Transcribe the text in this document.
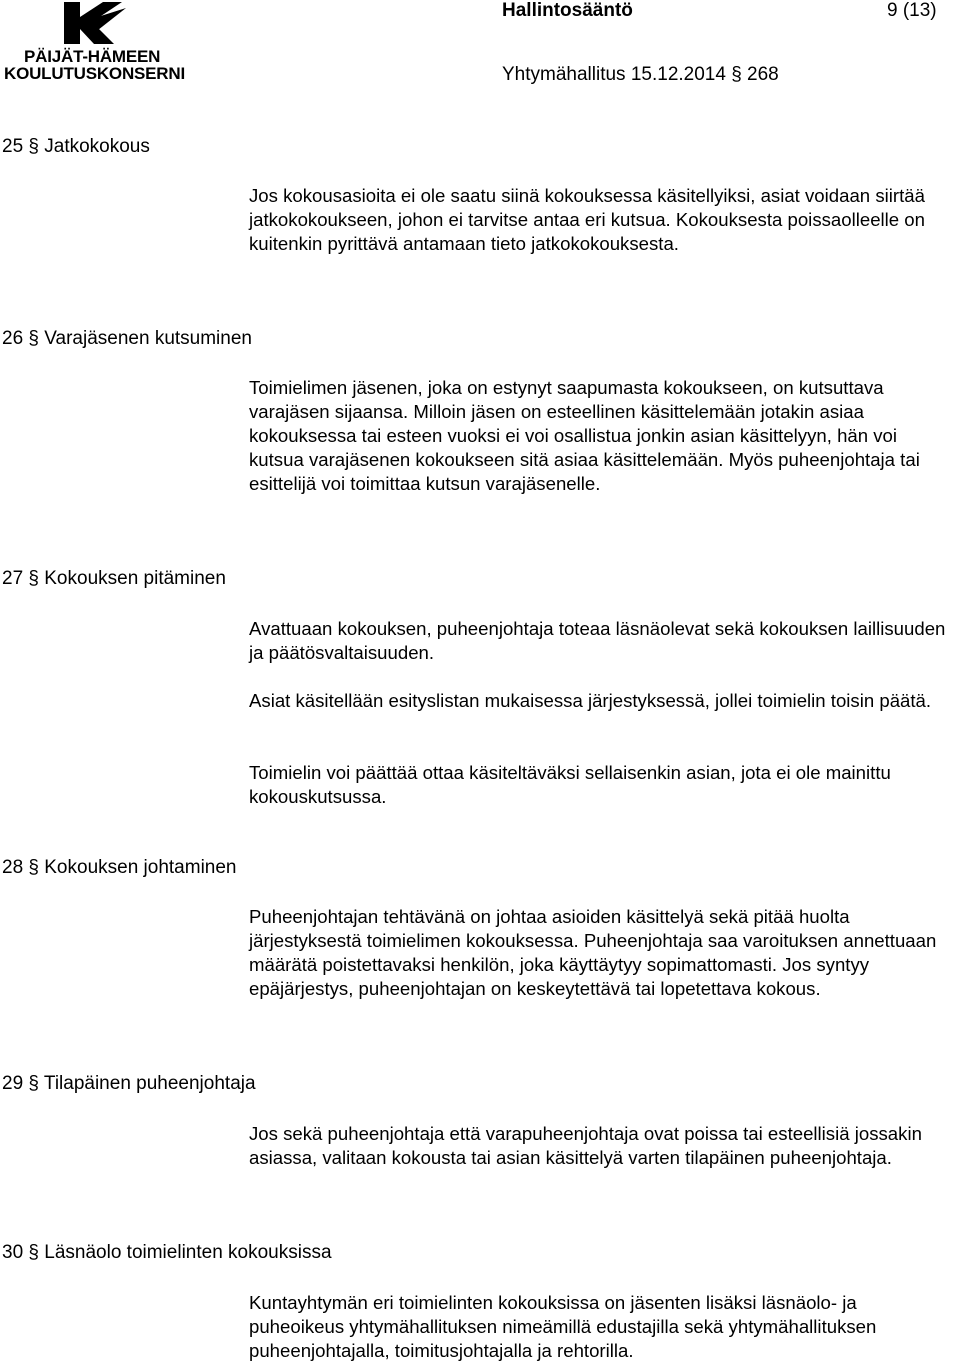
PÄIJÄT-HÄMEEN
KOULUTUSKONSERNI
Hallintosääntö	9 (13)
Yhtymähallitus 15.12.2014 § 268
25 § Jatkokokous

Jos kokousasioita ei ole saatu siinä kokouksessa käsitellyiksi, asiat voidaan siirtää jatkokokoukseen, johon ei tarvitse antaa eri kutsua. Kokouksesta poissaolleelle on kuitenkin pyrittävä antamaan tieto jatkokokouksesta.

26 § Varajäsenen kutsuminen

Toimielimen jäsenen, joka on estynyt saapumasta kokoukseen, on kutsuttava varajäsen sijaansa. Milloin jäsen on esteellinen käsittelemään jotakin asiaa kokouksessa tai esteen vuoksi ei voi osallistua jonkin asian käsittelyyn, hän voi kutsua varajäsenen kokoukseen sitä asiaa käsittelemään. Myös puheenjohtaja tai esittelijä voi toimittaa kutsun varajäsenelle.

27 § Kokouksen pitäminen

Avattuaan kokouksen, puheenjohtaja toteaa läsnäolevat sekä kokouksen laillisuuden ja päätösvaltaisuuden.

Asiat käsitellään esityslistan mukaisessa järjestyksessä, jollei toimielin toisin päätä.

Toimielin voi päättää ottaa käsiteltäväksi sellaisenkin asian, jota ei ole mainittu kokouskutsussa.

28 § Kokouksen johtaminen

Puheenjohtajan tehtävänä on johtaa asioiden käsittelyä sekä pitää huolta järjestyksestä toimielimen kokouksessa. Puheenjohtaja saa varoituksen annettuaan määrätä poistettavaksi henkilön, joka käyttäytyy sopimattomasti. Jos syntyy epäjärjestys, puheenjohtajan on keskeytettävä tai lopetettava kokous.

29 § Tilapäinen puheenjohtaja

Jos sekä puheenjohtaja että varapuheenjohtaja ovat poissa tai esteellisiä jossakin asiassa, valitaan kokousta tai asian käsittelyä varten tilapäinen puheenjohtaja.

30 § Läsnäolo toimielinten kokouksissa

Kuntayhtymän eri toimielinten kokouksissa on jäsenten lisäksi läsnäolo- ja puheoikeus yhtymähallituksen nimeämillä edustajilla sekä yhtymähallituksen puheenjohtajalla, toimitusjohtajalla ja rehtorilla.
